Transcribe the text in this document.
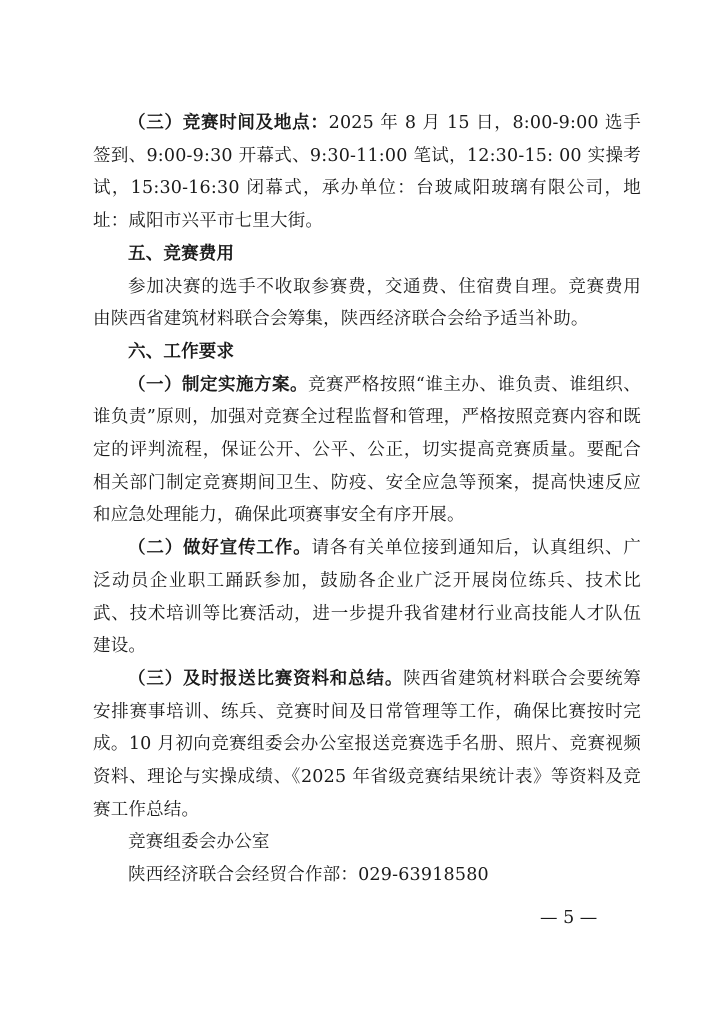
（三）竞赛时间及地点：2025 年 8 月 15 日，8:00-9:00 选手签到、9:00-9:30 开幕式、9:30-11:00 笔试，12:30-15: 00 实操考试，15:30-16:30 闭幕式，承办单位：台玻咸阳玻璃有限公司，地址：咸阳市兴平市七里大街。

五、竞赛费用

参加决赛的选手不收取参赛费，交通费、住宿费自理。竞赛费用由陕西省建筑材料联合会筹集，陕西经济联合会给予适当补助。

六、工作要求

（一）制定实施方案。竞赛严格按照“谁主办、谁负责、谁组织、谁负责”原则，加强对竞赛全过程监督和管理，严格按照竞赛内容和既定的评判流程，保证公开、公平、公正，切实提高竞赛质量。要配合相关部门制定竞赛期间卫生、防疫、安全应急等预案，提高快速反应和应急处理能力，确保此项赛事安全有序开展。

（二）做好宣传工作。请各有关单位接到通知后，认真组织、广泛动员企业职工踊跃参加，鼓励各企业广泛开展岗位练兵、技术比武、技术培训等比赛活动，进一步提升我省建材行业高技能人才队伍建设。

（三）及时报送比赛资料和总结。陕西省建筑材料联合会要统筹安排赛事培训、练兵、竞赛时间及日常管理等工作，确保比赛按时完成。10 月初向竞赛组委会办公室报送竞赛选手名册、照片、竞赛视频资料、理论与实操成绩、《2025 年省级竞赛结果统计表》等资料及竞赛工作总结。

竞赛组委会办公室

陕西经济联合会经贸合作部：029-63918580

— 5 —
